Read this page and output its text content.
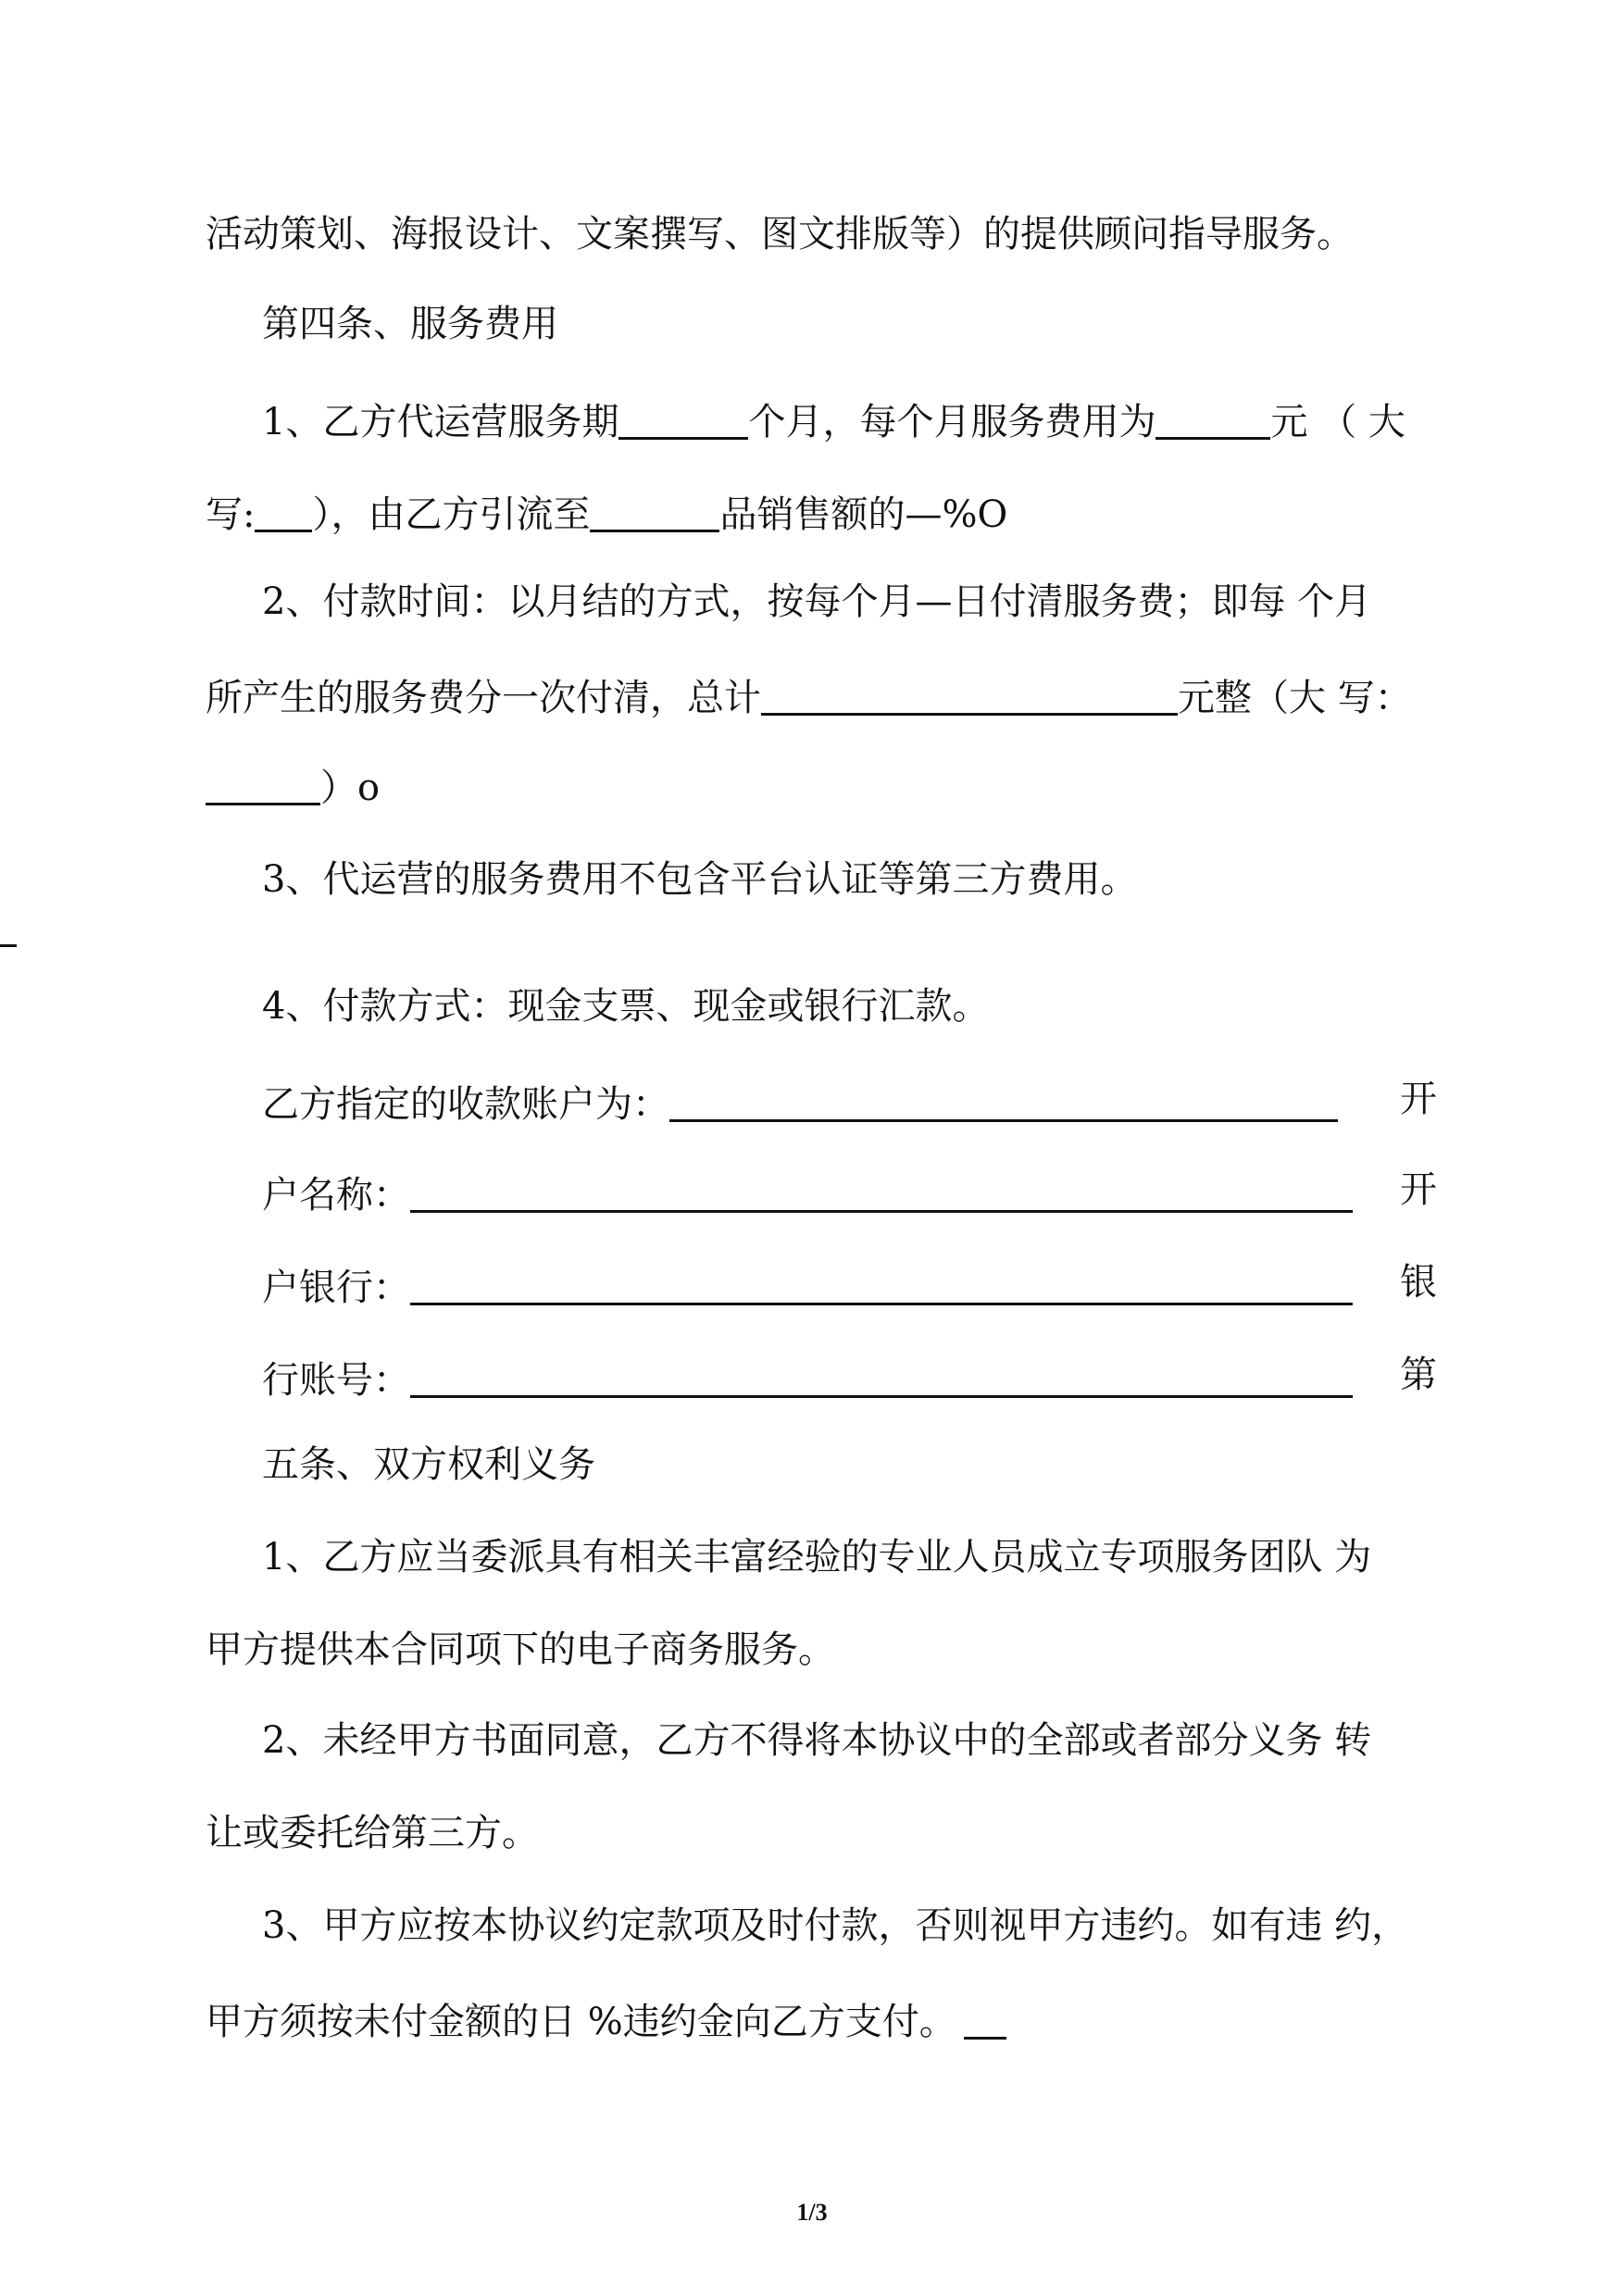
活动策划、海报设计、文案撰写、图文排版等）的提供顾问指导服务。
第四条、服务费用
1、乙方代运营服务期	个月，每个月服务费用为	元 （ 大
写: ），由乙方引流至	品销售额的—%O
2、付款时间：以月结的方式，按每个月—日付清服务费；即每 个月
所产生的服务费分一次付清，总计	元整（大 写：
）o
3、代运营的服务费用不包含平台认证等第三方费用。
4、付款方式：现金支票、现金或银行汇款。
乙方指定的收款账户为：	开
户名称：	开
户银行：	银
行账号：	第
五条、双方权利义务
1、乙方应当委派具有相关丰富经验的专业人员成立专项服务团队 为
甲方提供本合同项下的电子商务服务。
2、未经甲方书面同意，乙方不得将本协议中的全部或者部分义务 转
让或委托给第三方。
3、甲方应按本协议约定款项及时付款，否则视甲方违约。如有违 约，
甲方须按未付金额的日 %违约金向乙方支付。
1/3
